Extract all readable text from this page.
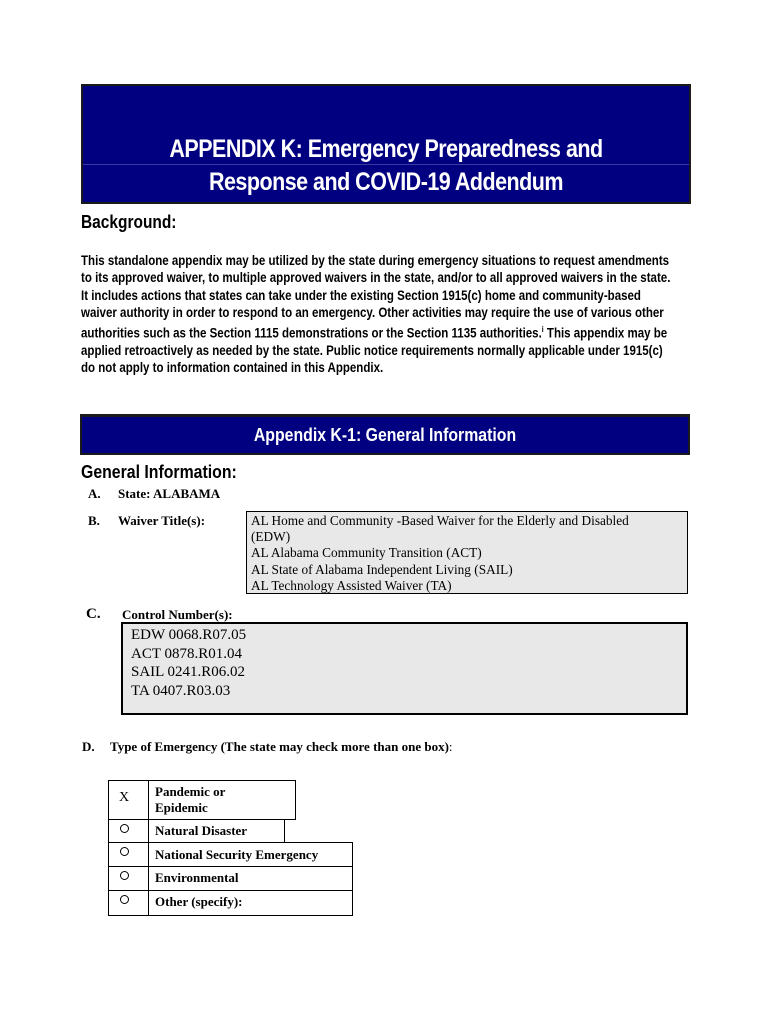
APPENDIX K: Emergency Preparedness and
Response and COVID-19 Addendum
Background:
This standalone appendix may be utilized by the state during emergency situations to request amendments to its approved waiver, to multiple approved waivers in the state, and/or to all approved waivers in the state. It includes actions that states can take under the existing Section 1915(c) home and community-based waiver authority in order to respond to an emergency. Other activities may require the use of various other authorities such as the Section 1115 demonstrations or the Section 1135 authorities.$^i$ This appendix may be applied retroactively as needed by the state. Public notice requirements normally applicable under 1915(c) do not apply to information contained in this Appendix.
Appendix K-1: General Information
General Information:
A. State: ALABAMA
B. Waiver Title(s):	AL Home and Community -Based Waiver for the Elderly and Disabled
(EDW)
AL Alabama Community Transition (ACT)
AL State of Alabama Independent Living (SAIL)
AL Technology Assisted Waiver (TA)
C. Control Number(s):
EDW 0068.R07.05
ACT 0878.R01.04
SAIL 0241.R06.02
TA 0407.R03.03
D. Type of Emergency (The state may check more than one box):
X Pandemic or
Epidemic
Natural Disaster
National Security Emergency
Environmental
Other (specify):
